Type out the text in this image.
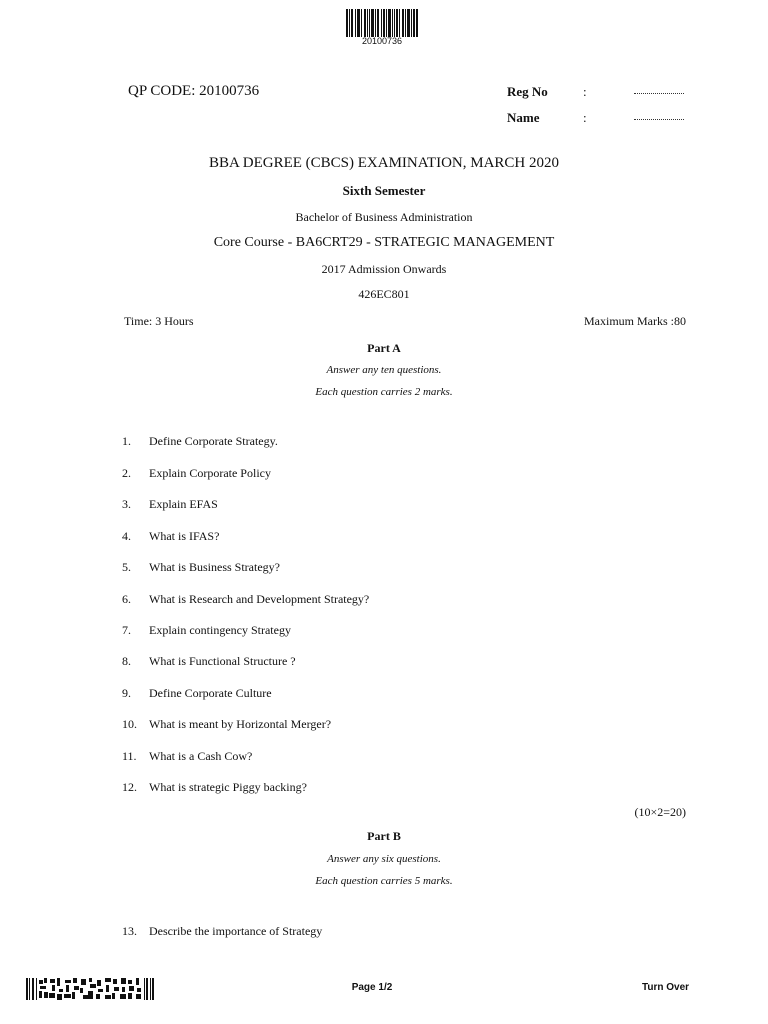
20100736
QP CODE: 20100736	Reg No	:
Name	:
BBA DEGREE (CBCS) EXAMINATION, MARCH 2020
Sixth Semester
Bachelor of Business Administration
Core Course - BA6CRT29 - STRATEGIC MANAGEMENT
2017 Admission Onwards
426EC801
Time: 3 Hours	Maximum Marks :80
Part A
Answer any ten questions.
Each question carries 2 marks.
1. Define Corporate Strategy.
2. Explain Corporate Policy
3. Explain EFAS
4. What is IFAS?
5. What is Business Strategy?
6. What is Research and Development Strategy?
7. Explain contingency Strategy
8. What is Functional Structure ?
9. Define Corporate Culture
10. What is meant by Horizontal Merger?
11. What is a Cash Cow?
12. What is strategic Piggy backing?
(10×2=20)
Part B
Answer any six questions.
Each question carries 5 marks.
13. Describe the importance of Strategy
Page 1/2	Turn Over
